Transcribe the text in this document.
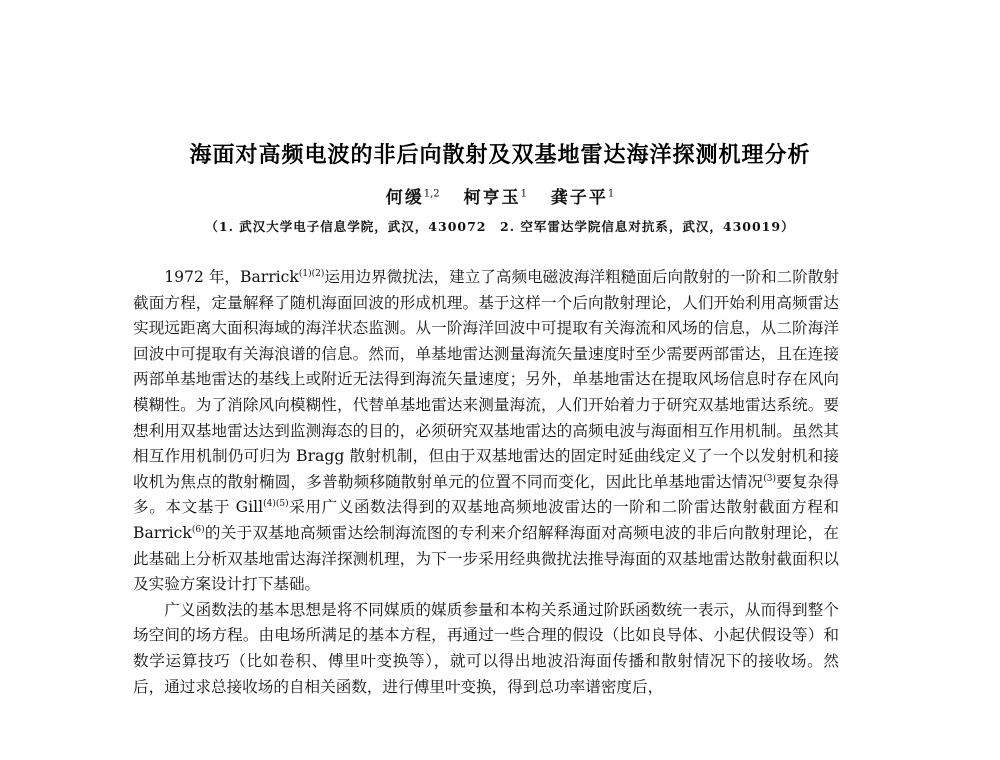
海面对高频电波的非后向散射及双基地雷达海洋探测机理分析
何缓$^{1,2}$ 柯亨玉$^1$ 龚子平$^1$
（1. 武汉大学电子信息学院，武汉，430072　2. 空军雷达学院信息对抗系，武汉，430019）

1972 年，Barrick$^{(1)(2)}$运用边界微扰法，建立了高频电磁波海洋粗糙面后向散射的一阶和二阶散射截面方程，定量解释了随机海面回波的形成机理。基于这样一个后向散射理论，人们开始利用高频雷达实现远距离大面积海域的海洋状态监测。从一阶海洋回波中可提取有关海流和风场的信息，从二阶海洋回波中可提取有关海浪谱的信息。然而，单基地雷达测量海流矢量速度时至少需要两部雷达，且在连接两部单基地雷达的基线上或附近无法得到海流矢量速度；另外，单基地雷达在提取风场信息时存在风向模糊性。为了消除风向模糊性，代替单基地雷达来测量海流，人们开始着力于研究双基地雷达系统。要想利用双基地雷达达到监测海态的目的，必须研究双基地雷达的高频电波与海面相互作用机制。虽然其相互作用机制仍可归为 Bragg 散射机制，但由于双基地雷达的固定时延曲线定义了一个以发射机和接 收机为焦点的散射椭圆，多普勒频移随散射单元的位置不同而变化，因此比单基地雷达情况$^{(3)}$要复杂得多。本文基于 Gill$^{(4)(5)}$采用广义函数法得到的双基地高频地波雷达的一阶和二阶雷达散射截面方程和 Barrick$^{(6)}$的关于双基地高频雷达绘制海流图的专利来介绍解释海面对高频电波的非后向散射理论，在此基础上分析双基地雷达海洋探测机理，为下一步采用经典微扰法推导海面的双基地雷达散射截面积以及实验方案设计打下基础。

广义函数法的基本思想是将不同媒质的媒质参量和本构关系通过阶跃函数统一表示，从而得到整个场空间的场方程。由电场所满足的基本方程，再通过一些合理的假设（比如良导体、小起伏假设等）和数学运算技巧（比如卷积、傅里叶变换等），就可以得出地波沿海面传播和散射情况下的接收场。然后，通过求总接收场的自相关函数，进行傅里叶变换，得到总功率谱密度后，
